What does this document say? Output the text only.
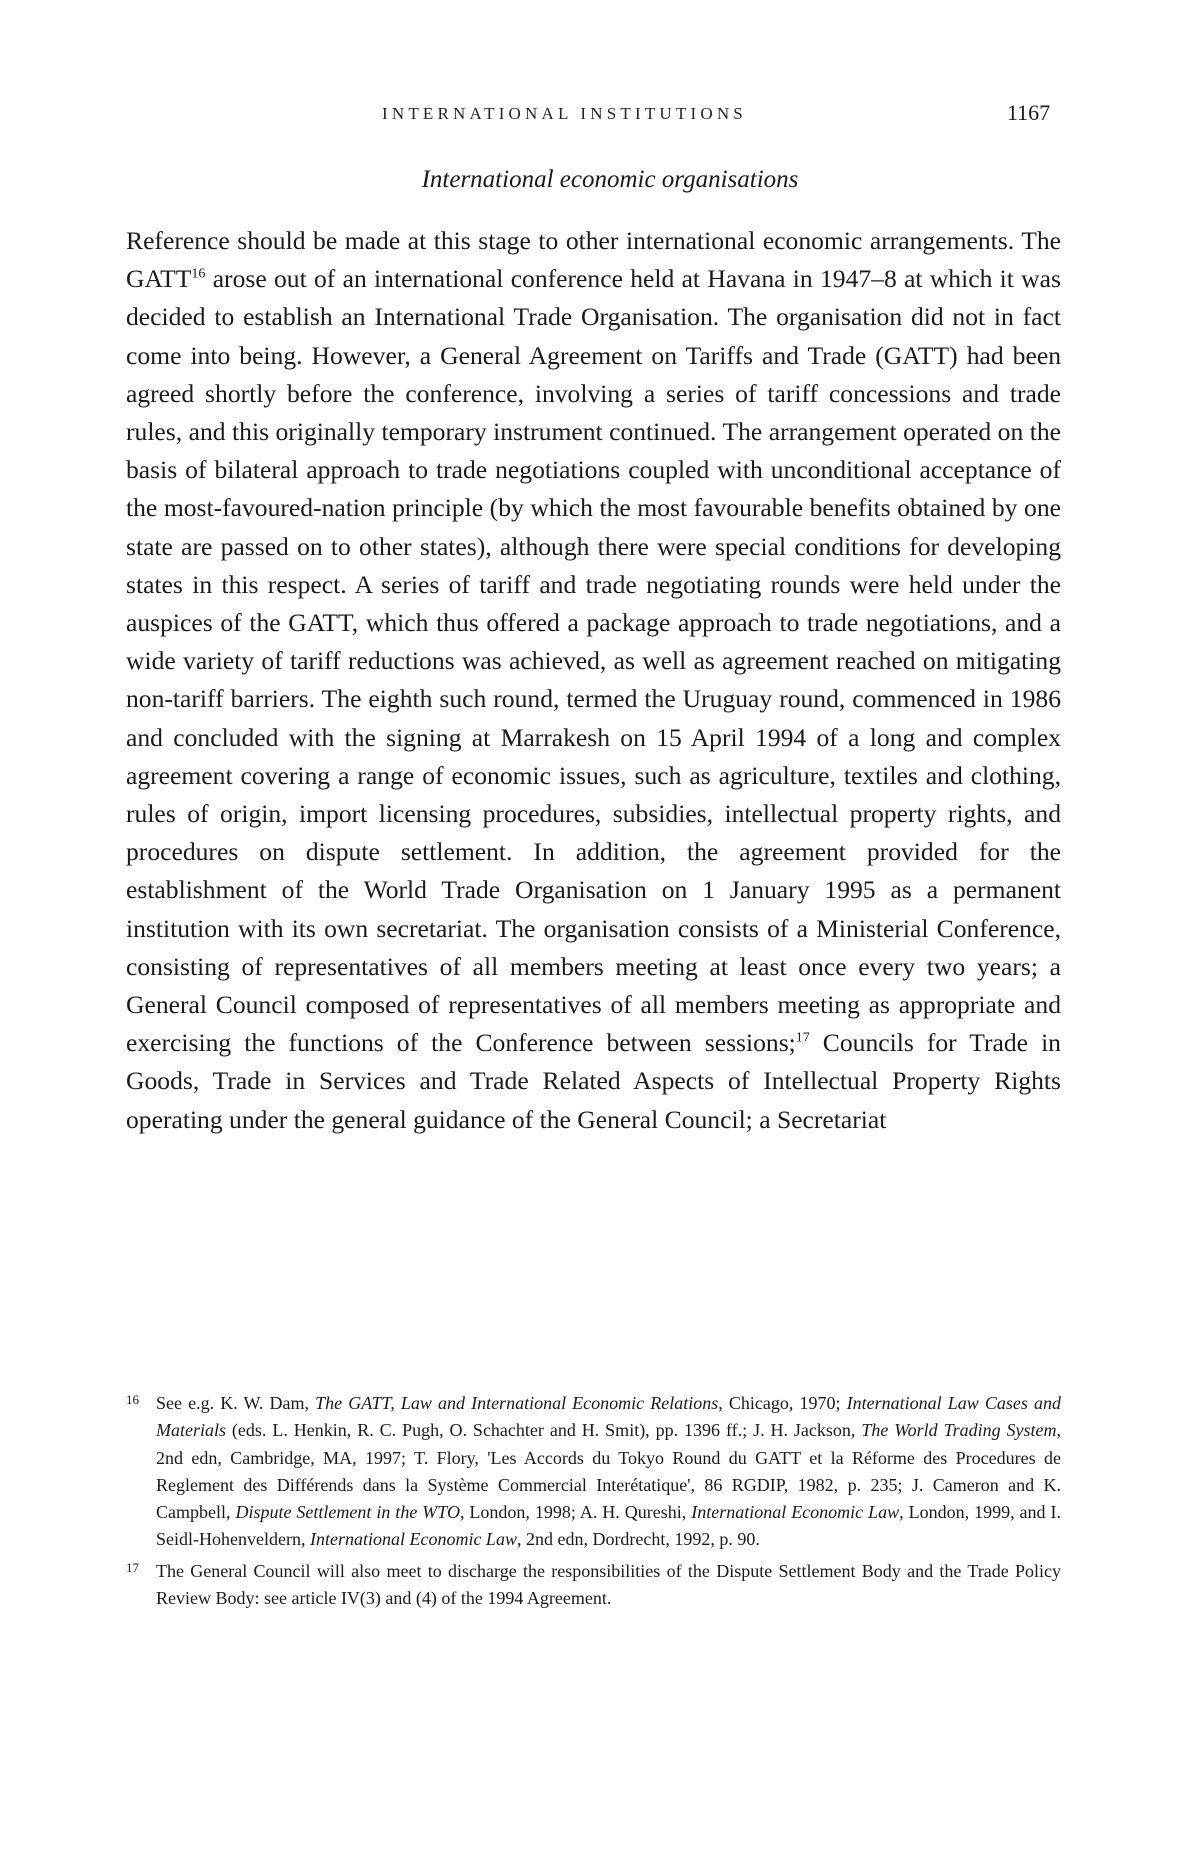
INTERNATIONAL INSTITUTIONS	1167
International economic organisations

Reference should be made at this stage to other international economic arrangements. The GATT$^{16}$ arose out of an international conference held at Havana in 1947–8 at which it was decided to establish an International Trade Organisation. The organisation did not in fact come into being. However, a General Agreement on Tariffs and Trade (GATT) had been agreed shortly before the conference, involving a series of tariff concessions and trade rules, and this originally temporary instrument continued. The arrangement operated on the basis of bilateral approach to trade negotiations coupled with unconditional acceptance of the most-favoured-nation principle (by which the most favourable benefits obtained by one state are passed on to other states), although there were special conditions for developing states in this respect. A series of tariff and trade negotiating rounds were held under the auspices of the GATT, which thus offered a package approach to trade negotiations, and a wide variety of tariff reductions was achieved, as well as agreement reached on mitigating non-tariff barriers. The eighth such round, termed the Uruguay round, commenced in 1986 and concluded with the signing at Marrakesh on 15 April 1994 of a long and complex agreement covering a range of economic issues, such as agriculture, textiles and clothing, rules of origin, import licensing procedures, subsidies, intellectual property rights, and procedures on dispute settlement. In addition, the agreement provided for the establishment of the World Trade Organisation on 1 January 1995 as a permanent institution with its own secretariat. The organisation consists of a Ministerial Conference, consisting of representatives of all members meeting at least once every two years; a General Council composed of representatives of all members meeting as appropriate and exercising the functions of the Conference between sessions;$^{17}$ Councils for Trade in Goods, Trade in Services and Trade Related Aspects of Intellectual Property Rights operating under the general guidance of the General Council; a Secretariat

16 See e.g. K. W. Dam, The GATT, Law and International Economic Relations, Chicago, 1970; International Law Cases and Materials (eds. L. Henkin, R. C. Pugh, O. Schachter and H. Smit), pp. 1396 ff.; J. H. Jackson, The World Trading System, 2nd edn, Cambridge, MA, 1997; T. Flory, 'Les Accords du Tokyo Round du GATT et la Réforme des Procedures de Reglement des Différends dans la Système Commercial Interétatique', 86 RGDIP, 1982, p. 235; J. Cameron and K. Campbell, Dispute Settlement in the WTO, London, 1998; A. H. Qureshi, International Economic Law, London, 1999, and I. Seidl-Hohenveldern, International Economic Law, 2nd edn, Dordrecht, 1992, p. 90.

17 The General Council will also meet to discharge the responsibilities of the Dispute Settlement Body and the Trade Policy Review Body: see article IV(3) and (4) of the 1994 Agreement.
